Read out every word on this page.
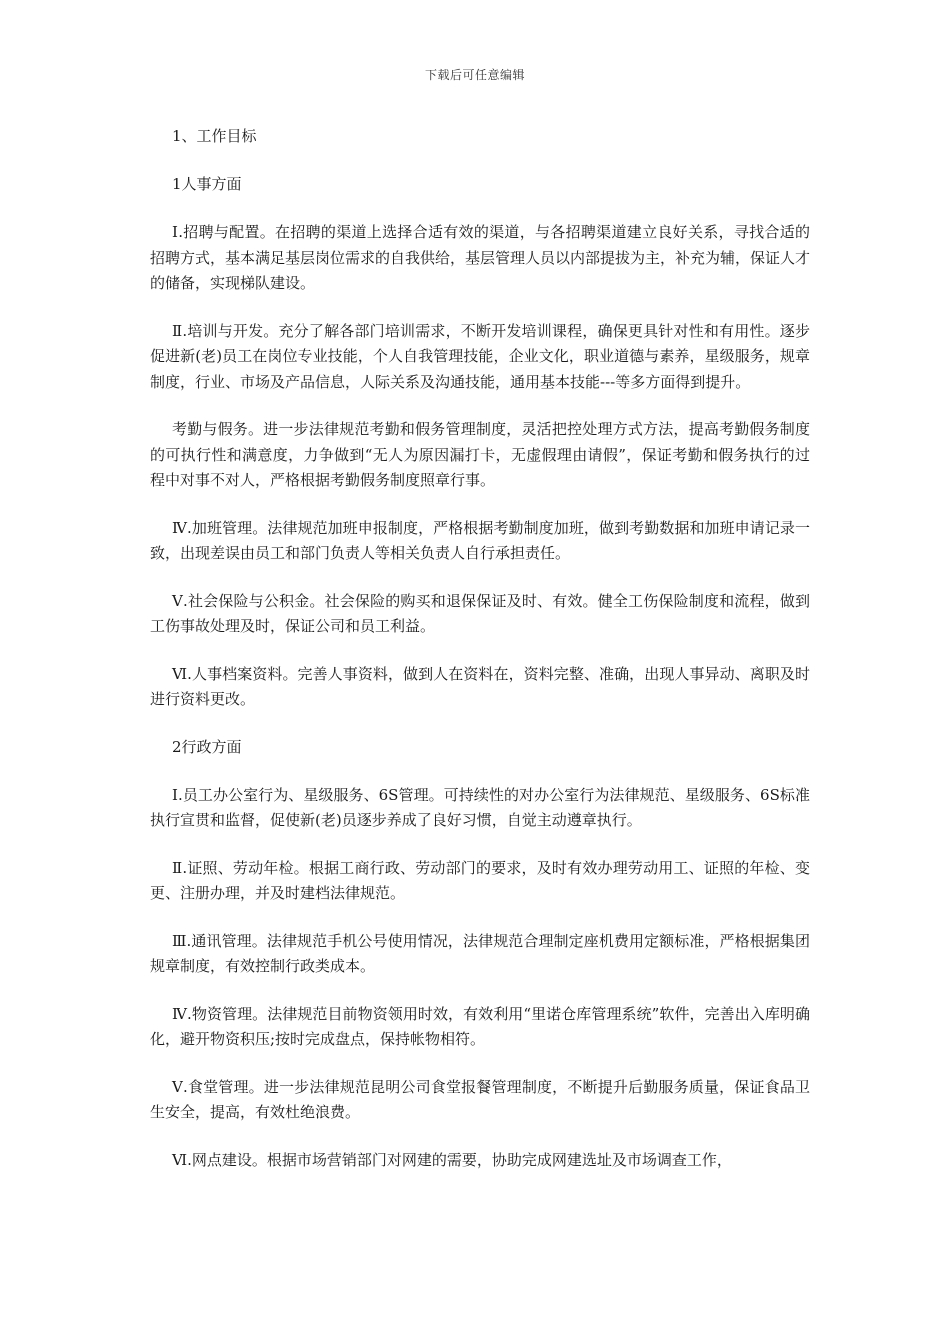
下载后可任意编辑
1、工作目标
1人事方面

Ⅰ.招聘与配置。在招聘的渠道上选择合适有效的渠道，与各招聘渠道建立良好关系，寻找合适的招聘方式，基本满足基层岗位需求的自我供给，基层管理人员以内部提拔为主，补充为辅，保证人才的储备，实现梯队建设。

Ⅱ.培训与开发。充分了解各部门培训需求，不断开发培训课程，确保更具针对性和有用性。逐步促进新(老)员工在岗位专业技能，个人自我管理技能，企业文化，职业道德与素养，星级服务，规章制度，行业、市场及产品信息，人际关系及沟通技能，通用基本技能---等多方面得到提升。

考勤与假务。进一步法律规范考勤和假务管理制度，灵活把控处理方式方法，提高考勤假务制度的可执行性和满意度，力争做到“无人为原因漏打卡，无虚假理由请假”，保证考勤和假务执行的过程中对事不对人，严格根据考勤假务制度照章行事。

Ⅳ.加班管理。法律规范加班申报制度，严格根据考勤制度加班，做到考勤数据和加班申请记录一致，出现差误由员工和部门负责人等相关负责人自行承担责任。

Ⅴ.社会保险与公积金。社会保险的购买和退保保证及时、有效。健全工伤保险制度和流程，做到工伤事故处理及时，保证公司和员工利益。

Ⅵ.人事档案资料。完善人事资料，做到人在资料在，资料完整、准确，出现人事异动、离职及时进行资料更改。

2行政方面

Ⅰ.员工办公室行为、星级服务、6S管理。可持续性的对办公室行为法律规范、星级服务、6S标准执行宣贯和监督，促使新(老)员逐步养成了良好习惯，自觉主动遵章执行。

Ⅱ.证照、劳动年检。根据工商行政、劳动部门的要求，及时有效办理劳动用工、证照的年检、变更、注册办理，并及时建档法律规范。

Ⅲ.通讯管理。法律规范手机公号使用情况，法律规范合理制定座机费用定额标准，严格根据集团规章制度，有效控制行政类成本。

Ⅳ.物资管理。法律规范目前物资领用时效，有效利用“里诺仓库管理系统”软件，完善出入库明确化，避开物资积压;按时完成盘点，保持帐物相符。

Ⅴ.食堂管理。进一步法律规范昆明公司食堂报餐管理制度，不断提升后勤服务质量，保证食品卫生安全，提高，有效杜绝浪费。

Ⅵ.网点建设。根据市场营销部门对网建的需要，协助完成网建选址及市场调查工作，
